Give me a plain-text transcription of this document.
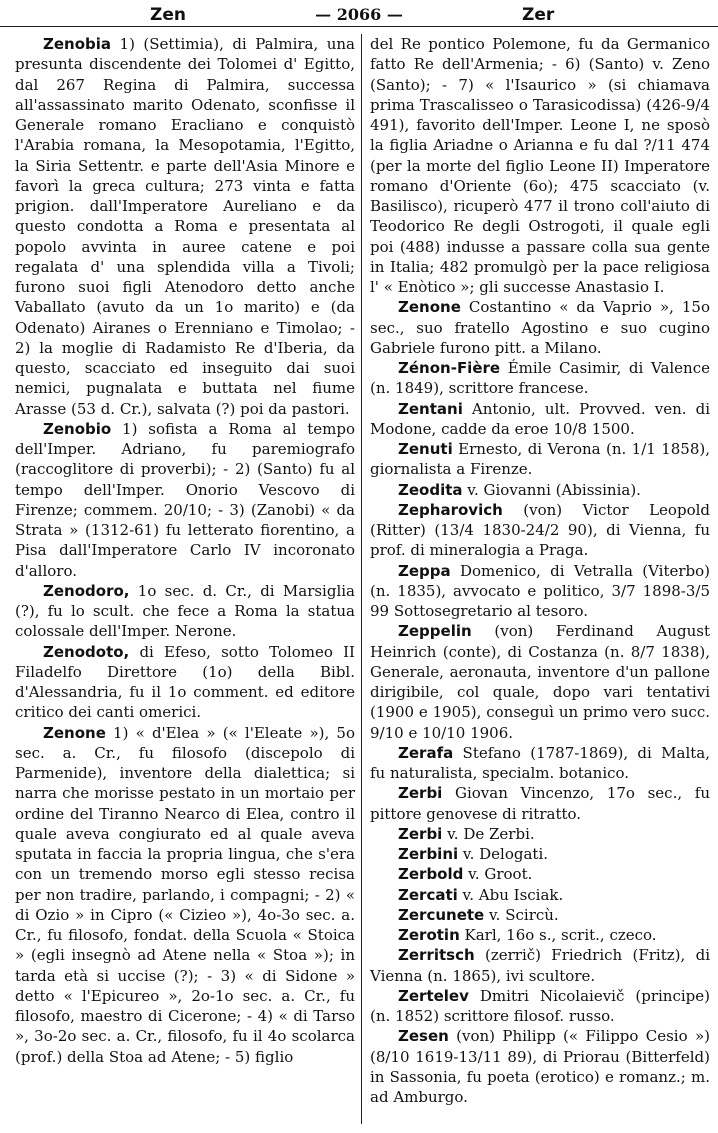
Zen	— 2066 —	Zer

Zenobia 1) (Settimia), di Palmira, una presunta discendente dei Tolomei d' Egitto, dal 267 Regina di Palmira, successa all'assassinato marito Odenato, sconfisse il Generale romano Eracliano e conquistò l'Arabia romana, la Mesopotamia, l'Egitto, la Siria Settentr. e parte dell'Asia Minore e favorì la greca cultura; 273 vinta e fatta prigion. dall'Imperatore Aureliano e da questo condotta a Roma e presentata al popolo avvinta in auree catene e poi regalata d' una splendida villa a Tivoli; furono suoi figli Atenodoro detto anche Vaballato (avuto da un 1o marito) e (da Odenato) Airanes o Erenniano e Timolao; - 2) la moglie di Radamisto Re d'Iberia, da questo, scacciato ed inseguito dai suoi nemici, pugnalata e buttata nel fiume Arasse (53 d. Cr.), salvata (?) poi da pastori.

Zenobio 1) sofista a Roma al tempo dell'Imper. Adriano, fu paremiografo (raccoglitore di proverbi); - 2) (Santo) fu al tempo dell'Imper. Onorio Vescovo di Firenze; commem. 20/10; - 3) (Zanobi) « da Strata » (1312-61) fu letterato fiorentino, a Pisa dall'Imperatore Carlo IV incoronato d'alloro.

Zenodoro, 1o sec. d. Cr., di Marsiglia (?), fu lo scult. che fece a Roma la statua colossale dell'Imper. Nerone.

Zenodoto, di Efeso, sotto Tolomeo II Filadelfo Direttore (1o) della Bibl. d'Alessandria, fu il 1o comment. ed editore critico dei canti omerici.

Zenone 1) « d'Elea » (« l'Eleate »), 5o sec. a. Cr., fu filosofo (discepolo di Parmenide), inventore della dialettica; si narra che morisse pestato in un mortaio per ordine del Tiranno Nearco di Elea, contro il quale aveva congiurato ed al quale aveva sputata in faccia la propria lingua, che s'era con un tremendo morso egli stesso recisa per non tradire, parlando, i compagni; - 2) « di Ozio » in Cipro (« Cizieo »), 4o-3o sec. a. Cr., fu filosofo, fondat. della Scuola « Stoica » (egli insegnò ad Atene nella « Stoa »); in tarda età si uccise (?); - 3) « di Sidone » detto « l'Epicureo », 2o-1o sec. a. Cr., fu filosofo, maestro di Cicerone; - 4) « di Tarso », 3o-2o sec. a. Cr., filosofo, fu il 4o scolarca (prof.) della Stoa ad Atene; - 5) figlio

del Re pontico Polemone, fu da Germanico fatto Re dell'Armenia; - 6) (Santo) v. Zeno (Santo); - 7) « l'Isaurico » (si chiamava prima Trascalisseo o Tarasicodissa) (426-9/4 491), favorito dell'Imper. Leone I, ne sposò la figlia Ariadne o Arianna e fu dal ?/11 474 (per la morte del figlio Leone II) Imperatore romano d'Oriente (6o); 475 scacciato (v. Basilisco), ricuperò 477 il trono coll'aiuto di Teodorico Re degli Ostrogoti, il quale egli poi (488) indusse a passare colla sua gente in Italia; 482 promulgò per la pace religiosa l' « Enòtico »; gli successe Anastasio I.

Zenone Costantino « da Vaprio », 15o sec., suo fratello Agostino e suo cugino Gabriele furono pitt. a Milano.

Zénon-Fière Émile Casimir, di Valence (n. 1849), scrittore francese.

Zentani Antonio, ult. Provved. ven. di Modone, cadde da eroe 10/8 1500.

Zenuti Ernesto, di Verona (n. 1/1 1858), giornalista a Firenze.

Zeodita v. Giovanni (Abissinia).

Zepharovich (von) Victor Leopold (Ritter) (13/4 1830-24/2 90), di Vienna, fu prof. di mineralogia a Praga.

Zeppa Domenico, di Vetralla (Viterbo) (n. 1835), avvocato e politico, 3/7 1898-3/5 99 Sottosegretario al tesoro.

Zeppelin (von) Ferdinand August Heinrich (conte), di Costanza (n. 8/7 1838), Generale, aeronauta, inventore d'un pallone dirigibile, col quale, dopo vari tentativi (1900 e 1905), conseguì un primo vero succ. 9/10 e 10/10 1906.

Zerafa Stefano (1787-1869), di Malta, fu naturalista, specialm. botanico.

Zerbi Giovan Vincenzo, 17o sec., fu pittore genovese di ritratto.

Zerbi v. De Zerbi.

Zerbini v. Delogati.

Zerbold v. Groot.

Zercati v. Abu Isciak.

Zercunete v. Scircù.

Zerotin Karl, 16o s., scrit., czeco.

Zerritsch (zerrič) Friedrich (Fritz), di Vienna (n. 1865), ivi scultore.

Zertelev Dmitri Nicolaievič (principe) (n. 1852) scrittore filosof. russo.

Zesen (von) Philipp (« Filippo Cesio ») (8/10 1619-13/11 89), di Priorau (Bitterfeld) in Sassonia, fu poeta (erotico) e romanz.; m. ad Amburgo.
